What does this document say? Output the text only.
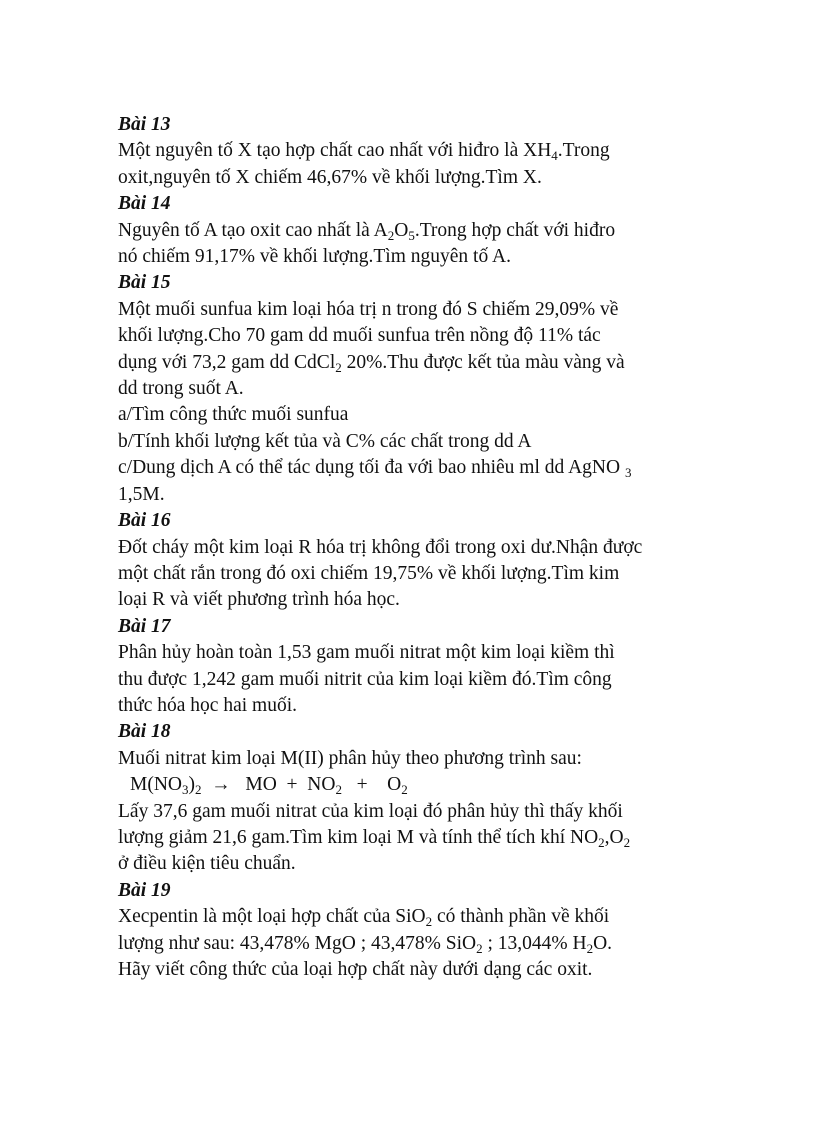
Bài 13
Một nguyên tố X tạo hợp chất cao nhất với hiđro là $XH_4.Trong$
oxit,nguyên tố X chiếm 46,67% về khối lượng.Tìm X.
Bài 14
Nguyên tố A tạo oxit cao nhất là $A_2O_5.Trong$ hợp chất với hiđro
nó chiếm 91,17% về khối lượng.Tìm nguyên tố A.
Bài 15
Một muối sunfua kim loại hóa trị n trong đó S chiếm 29,09% về
khối lượng.Cho 70 gam dd muối sunfua trên nồng độ 11% tác
dụng với 73,2 gam dd CdCl$_2$ 20%.Thu được kết tủa màu vàng và
dd trong suốt A.
a/Tìm công thức muối sunfua
b/Tính khối lượng kết tủa và C% các chất trong dd A
c/Dung dịch A có thể tác dụng tối đa với bao nhiêu ml dd AgNO $_3$
1,5M.
Bài 16
Đốt cháy một kim loại R hóa trị không đổi trong oxi dư.Nhận được
một chất rắn trong đó oxi chiếm 19,75% về khối lượng.Tìm kim
loại R và viết phương trình hóa học.
Bài 17
Phân hủy hoàn toàn 1,53 gam muối nitrat một kim loại kiềm thì
thu được 1,242 gam muối nitrit của kim loại kiềm đó.Tìm công
thức hóa học hai muối.
Bài 18
Muối nitrat kim loại M(II) phân hủy theo phương trình sau:
$M(NO_3)_2$  →   MO  +  $NO_2$   +    $O_2$
Lấy 37,6 gam muối nitrat của kim loại đó phân hủy thì thấy khối
lượng giảm 21,6 gam.Tìm kim loại M và tính thể tích khí $NO_2,O_2$
ở điều kiện tiêu chuẩn.
Bài 19
Xecpentin là một loại hợp chất của SiO$_2$ có thành phần về khối
lượng như sau: 43,478% MgO ; 43,478% SiO$_2$ ; 13,044% $H_2O$.
Hãy viết công thức của loại hợp chất này dưới dạng các oxit.
